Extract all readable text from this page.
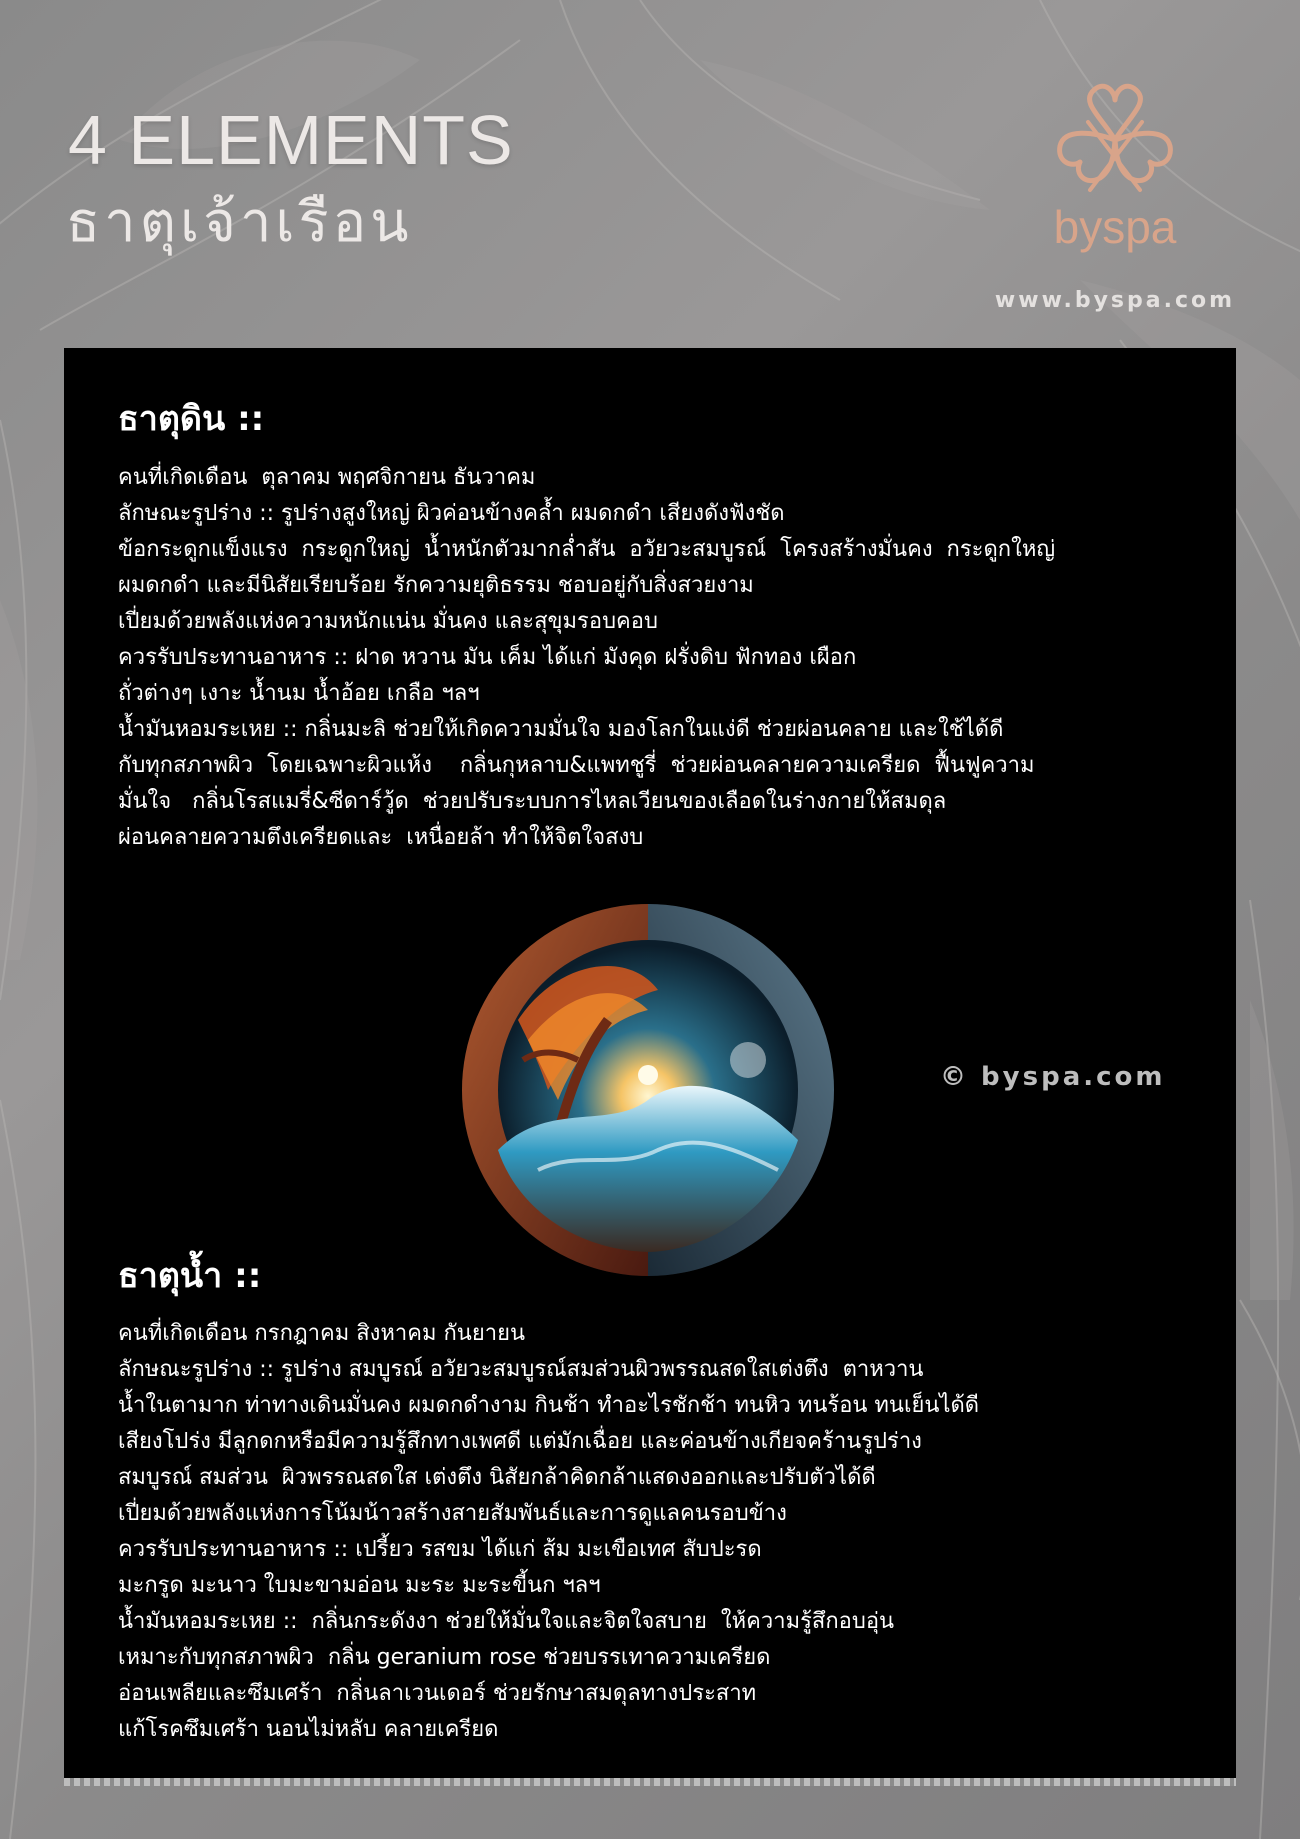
4 ELEMENTS
ธาตุเจ้าเรือน	byspa
www.byspa.com
ธาตุดิน ::
คนที่เกิดเดือน  ตุลาคม พฤศจิกายน ธันวาคม
ลักษณะรูปร่าง :: รูปร่างสูงใหญ่ ผิวค่อนข้างคล้ำ ผมดกดำ เสียงดังฟังชัด
ข้อกระดูกแข็งแรง  กระดูกใหญ่  น้ำหนักตัวมากล่ำสัน  อวัยวะสมบูรณ์  โครงสร้างมั่นคง  กระดูกใหญ่
ผมดกดำ และมีนิสัยเรียบร้อย รักความยุติธรรม ชอบอยู่กับสิ่งสวยงาม
เปี่ยมด้วยพลังแห่งความหนักแน่น มั่นคง และสุขุมรอบคอบ
ควรรับประทานอาหาร :: ฝาด หวาน มัน เค็ม ได้แก่ มังคุด ฝรั่งดิบ ฟักทอง เผือก
ถั่วต่างๆ เงาะ น้ำนม น้ำอ้อย เกลือ ฯลฯ
น้ำมันหอมระเหย :: กลิ่นมะลิ ช่วยให้เกิดความมั่นใจ มองโลกในแง่ดี ช่วยผ่อนคลาย และใช้ได้ดี
กับทุกสภาพผิว  โดยเฉพาะผิวแห้ง    กลิ่นกุหลาบ&แพทชูรี่  ช่วยผ่อนคลายความเครียด  ฟื้นฟูความ
มั่นใจ   กลิ่นโรสแมรี่&ซีดาร์วู้ด  ช่วยปรับระบบการไหลเวียนของเลือดในร่างกายให้สมดุล
ผ่อนคลายความตึงเครียดและ  เหนื่อยล้า ทำให้จิตใจสงบ
© byspa.com
ธาตุน้ำ ::
คนที่เกิดเดือน กรกฎาคม สิงหาคม กันยายน
ลักษณะรูปร่าง :: รูปร่าง สมบูรณ์ อวัยวะสมบูรณ์สมส่วนผิวพรรณสดใสเต่งตึง  ตาหวาน
น้ำในตามาก ท่าทางเดินมั่นคง ผมดกดำงาม กินช้า ทำอะไรชักช้า ทนหิว ทนร้อน ทนเย็นได้ดี
เสียงโปร่ง มีลูกดกหรือมีความรู้สึกทางเพศดี แต่มักเฉื่อย และค่อนข้างเกียจคร้านรูปร่าง
สมบูรณ์ สมส่วน  ผิวพรรณสดใส เต่งตึง นิสัยกล้าคิดกล้าแสดงออกและปรับตัวได้ดี
เปี่ยมด้วยพลังแห่งการโน้มน้าวสร้างสายสัมพันธ์และการดูแลคนรอบข้าง
ควรรับประทานอาหาร :: เปรี้ยว รสขม ได้แก่ ส้ม มะเขือเทศ สับปะรด
มะกรูด มะนาว ใบมะขามอ่อน มะระ มะระขี้นก ฯลฯ
น้ำมันหอมระเหย ::  กลิ่นกระดังงา ช่วยให้มั่นใจและจิตใจสบาย  ให้ความรู้สึกอบอุ่น
เหมาะกับทุกสภาพผิว  กลิ่น geranium rose ช่วยบรรเทาความเครียด
อ่อนเพลียและซึมเศร้า  กลิ่นลาเวนเดอร์ ช่วยรักษาสมดุลทางประสาท
แก้โรคซึมเศร้า นอนไม่หลับ คลายเครียด
